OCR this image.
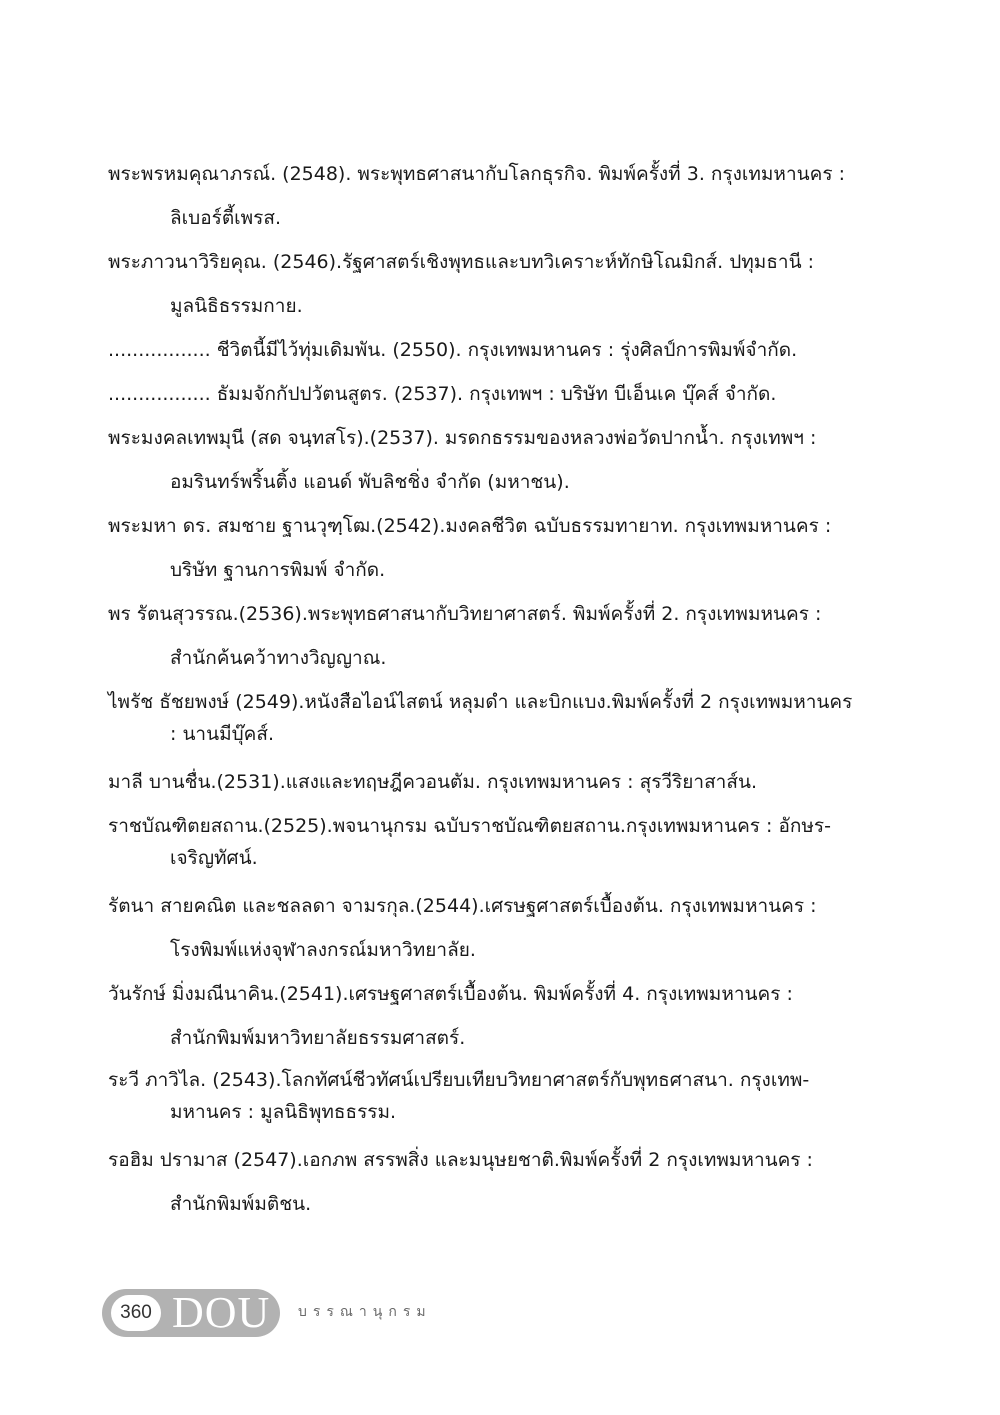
พระพรหมคุณาภรณ์. (2548). พระพุทธศาสนากับโลกธุรกิจ. พิมพ์ครั้งที่ 3. กรุงเทมหานคร :
ลิเบอร์ตี้เพรส.
พระภาวนาวิริยคุณ. (2546).รัฐศาสตร์เชิงพุทธและบทวิเคราะห์ทักษิโณมิกส์. ปทุมธานี :
มูลนิธิธรรมกาย.
................. ชีวิตนี้มีไว้ทุ่มเดิมพัน. (2550). กรุงเทพมหานคร : รุ่งศิลป์การพิมพ์จำกัด.
................. ธัมมจักกัปปวัตนสูตร. (2537). กรุงเทพฯ : บริษัท บีเอ็นเค บุ๊คส์ จำกัด.
พระมงคลเทพมุนี (สด จนฺทสโร).(2537). มรดกธรรมของหลวงพ่อวัดปากน้ำ. กรุงเทพฯ :
อมรินทร์พริ้นติ้ง แอนด์ พับลิชชิ่ง จำกัด (มหาชน).
พระมหา ดร. สมชาย ฐานวุฑฺโฒ.(2542).มงคลชีวิต ฉบับธรรมทายาท. กรุงเทพมหานคร :
บริษัท ฐานการพิมพ์ จำกัด.
พร รัตนสุวรรณ.(2536).พระพุทธศาสนากับวิทยาศาสตร์. พิมพ์ครั้งที่ 2. กรุงเทพมหนคร :
สำนักค้นคว้าทางวิญญาณ.
ไพรัช ธัชยพงษ์ (2549).หนังสือไอน์ไสตน์ หลุมดำ และบิกแบง.พิมพ์ครั้งที่ 2 กรุงเทพมหานคร
: นานมีบุ๊คส์.
มาลี บานชื่น.(2531).แสงและทฤษฎีควอนตัม. กรุงเทพมหานคร : สุรวีริยาสาส์น.
ราชบัณฑิตยสถาน.(2525).พจนานุกรม ฉบับราชบัณฑิตยสถาน.กรุงเทพมหานคร : อักษร-
เจริญทัศน์.
รัตนา สายคณิต และชลลดา จามรกุล.(2544).เศรษฐศาสตร์เบื้องต้น. กรุงเทพมหานคร :
โรงพิมพ์แห่งจุฬาลงกรณ์มหาวิทยาลัย.
วันรักษ์ มิ่งมณีนาคิน.(2541).เศรษฐศาสตร์เบื้องต้น. พิมพ์ครั้งที่ 4. กรุงเทพมหานคร :
สำนักพิมพ์มหาวิทยาลัยธรรมศาสตร์.
ระวี ภาวิไล. (2543).โลกทัศน์ชีวทัศน์เปรียบเทียบวิทยาศาสตร์กับพุทธศาสนา. กรุงเทพ-
มหานคร : มูลนิธิพุทธธรรม.
รอฮิม ปรามาส (2547).เอกภพ สรรพสิ่ง และมนุษยชาติ.พิมพ์ครั้งที่ 2 กรุงเทพมหานคร :
สำนักพิมพ์มติชน.
360 DOU บรรณานุกรม
